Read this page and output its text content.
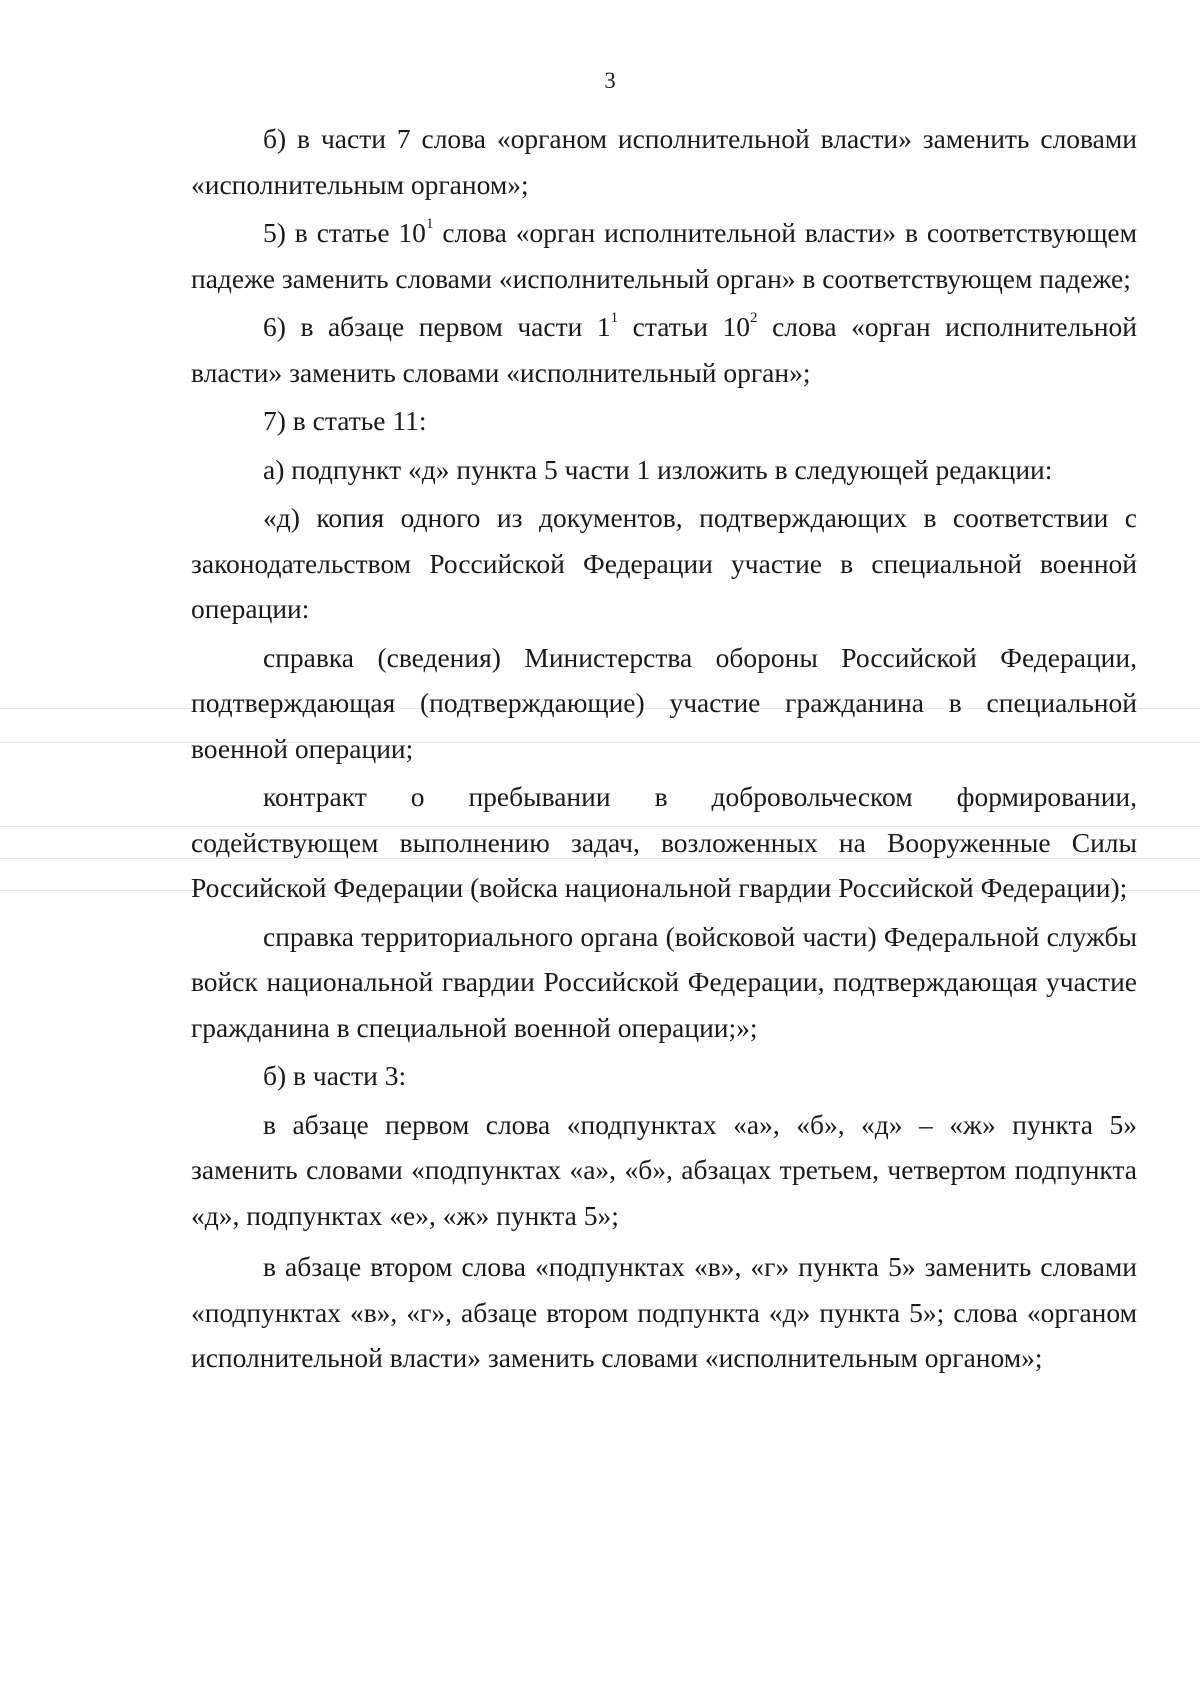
3

б) в части 7 слова «органом исполнительной власти» заменить словами «исполнительным органом»;

5) в статье $10^1$ слова «орган исполнительной власти» в соответствующем падеже заменить словами «исполнительный орган» в соответствующем падеже;

6) в абзаце первом части $1^1$ статьи $10^2$ слова «орган исполнительной власти» заменить словами «исполнительный орган»;

7) в статье 11:

а) подпункт «д» пункта 5 части 1 изложить в следующей редакции:

«д) копия одного из документов, подтверждающих в соответствии с законодательством Российской Федерации участие в специальной военной операции:

справка (сведения) Министерства обороны Российской Федерации, подтверждающая (подтверждающие) участие гражданина в специальной военной операции;

контракт о пребывании в добровольческом формировании, содействующем выполнению задач, возложенных на Вооруженные Силы Российской Федерации (войска национальной гвардии Российской Федерации);

справка территориального органа (войсковой части) Федеральной службы войск национальной гвардии Российской Федерации, подтверждающая участие гражданина в специальной военной операции;»;

б) в части 3:

в абзаце первом слова «подпунктах «а», «б», «д» – «ж» пункта 5» заменить словами «подпунктах «а», «б», абзацах третьем, четвертом подпункта «д», подпунктах «е», «ж» пункта 5»;

в абзаце втором слова «подпунктах «в», «г» пункта 5» заменить словами «подпунктах «в», «г», абзаце втором подпункта «д» пункта 5»; слова «органом исполнительной власти» заменить словами «исполнительным органом»;
